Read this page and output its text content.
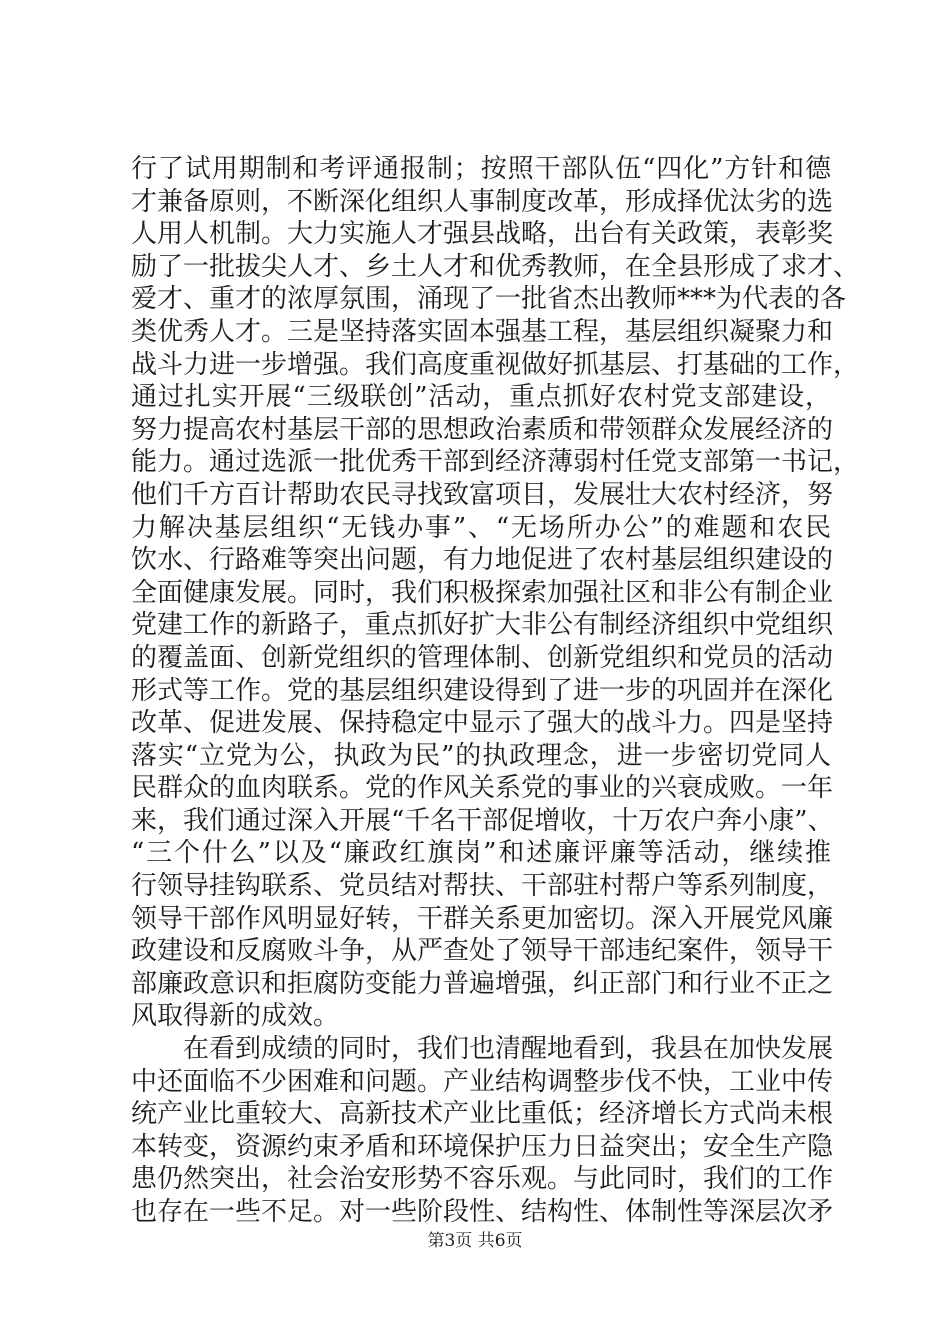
行了试用期制和考评通报制；按照干部队伍“四化”方针和德
才兼备原则，不断深化组织人事制度改革，形成择优汰劣的选
人用人机制。大力实施人才强县战略，出台有关政策，表彰奖
励了一批拔尖人才、乡土人才和优秀教师，在全县形成了求才、
爱才、重才的浓厚氛围，涌现了一批省杰出教师***为代表的各
类优秀人才。三是坚持落实固本强基工程，基层组织凝聚力和
战斗力进一步增强。我们高度重视做好抓基层、打基础的工作，
通过扎实开展“三级联创”活动，重点抓好农村党支部建设，
努力提高农村基层干部的思想政治素质和带领群众发展经济的
能力。通过选派一批优秀干部到经济薄弱村任党支部第一书记，
他们千方百计帮助农民寻找致富项目，发展壮大农村经济，努
力解决基层组织“无钱办事”、“无场所办公”的难题和农民
饮水、行路难等突出问题，有力地促进了农村基层组织建设的
全面健康发展。同时，我们积极探索加强社区和非公有制企业
党建工作的新路子，重点抓好扩大非公有制经济组织中党组织
的覆盖面、创新党组织的管理体制、创新党组织和党员的活动
形式等工作。党的基层组织建设得到了进一步的巩固并在深化
改革、促进发展、保持稳定中显示了强大的战斗力。四是坚持
落实“立党为公，执政为民”的执政理念，进一步密切党同人
民群众的血肉联系。党的作风关系党的事业的兴衰成败。一年
来，我们通过深入开展“千名干部促增收，十万农户奔小康”、
“三个什么”以及“廉政红旗岗”和述廉评廉等活动，继续推
行领导挂钩联系、党员结对帮扶、干部驻村帮户等系列制度，
领导干部作风明显好转，干群关系更加密切。深入开展党风廉
政建设和反腐败斗争，从严查处了领导干部违纪案件，领导干
部廉政意识和拒腐防变能力普遍增强，纠正部门和行业不正之
风取得新的成效。
　　在看到成绩的同时，我们也清醒地看到，我县在加快发展
中还面临不少困难和问题。产业结构调整步伐不快，工业中传
统产业比重较大、高新技术产业比重低；经济增长方式尚未根
本转变，资源约束矛盾和环境保护压力日益突出；安全生产隐
患仍然突出，社会治安形势不容乐观。与此同时，我们的工作
也存在一些不足。对一些阶段性、结构性、体制性等深层次矛
第3页 共6页
